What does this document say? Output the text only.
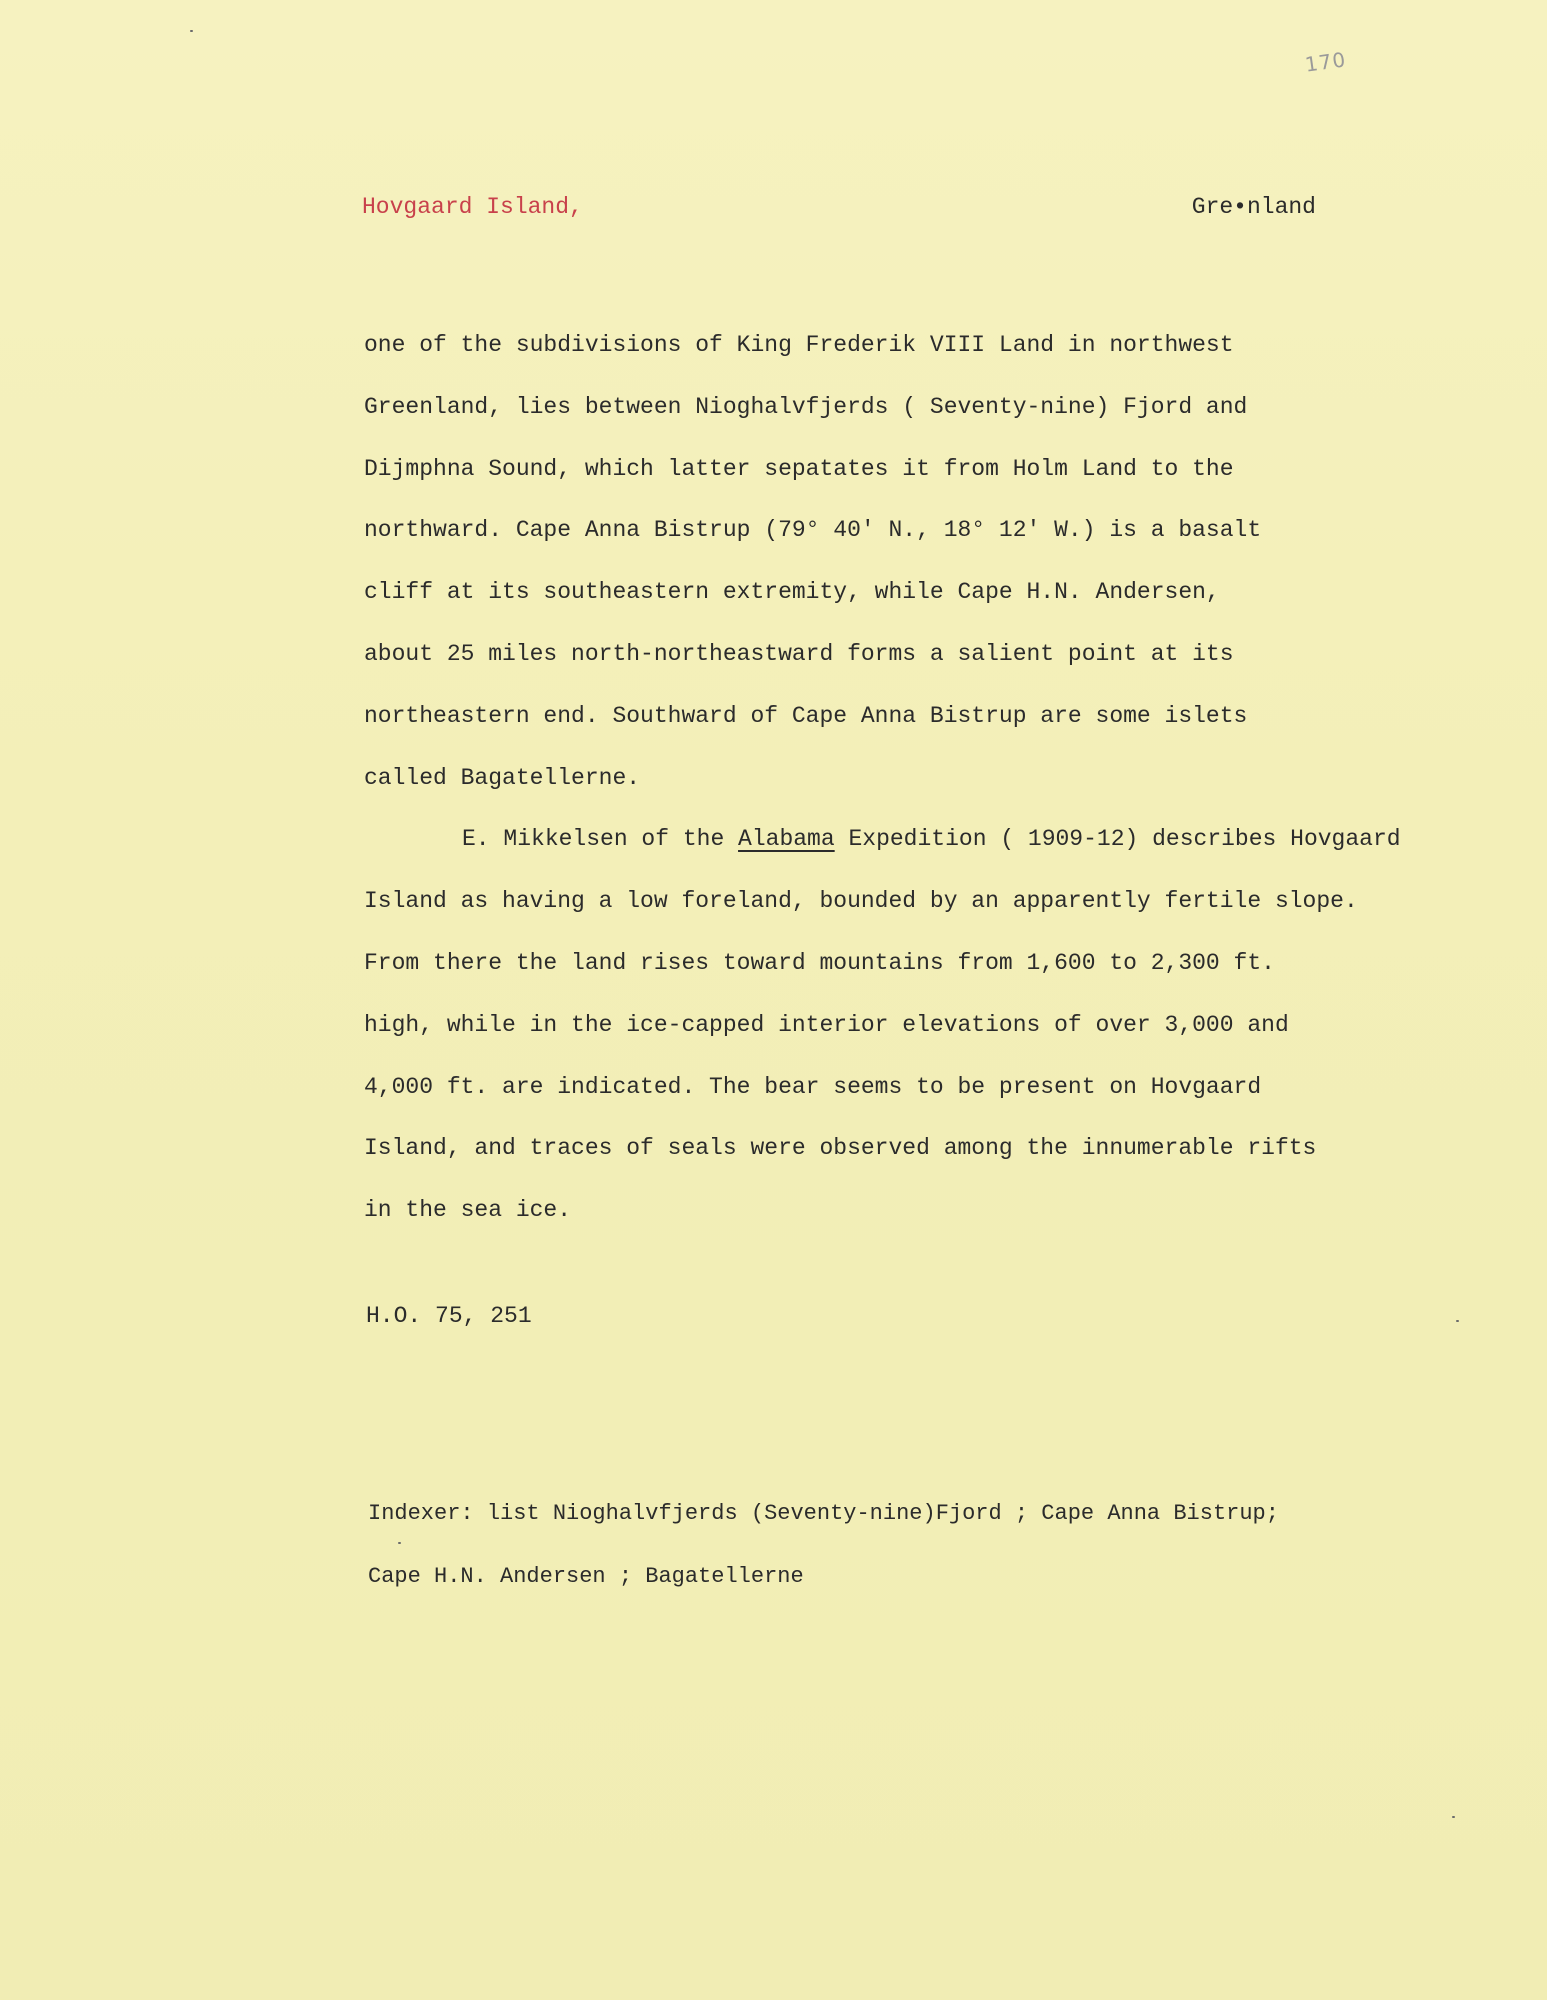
170
Hovgaard Island,	Gre•nland
one of the subdivisions of King Frederik VIII Land in northwest
Greenland, lies between Nioghalvfjerds ( Seventy-nine) Fjord and
Dijmphna Sound, which latter sepatates it from Holm Land to the
northward. Cape Anna Bistrup (79° 40' N., 18° 12' W.) is a basalt
cliff at its southeastern extremity, while Cape H.N. Andersen,
about 25 miles north-northeastward forms a salient point at its
northeastern end. Southward of Cape Anna Bistrup are some islets
called Bagatellerne.
E. Mikkelsen of the Alabama Expedition ( 1909-12) describes Hovgaard
Island as having a low foreland, bounded by an apparently fertile slope.
From there the land rises toward mountains from 1,600 to 2,300 ft.
high, while in the ice-capped interior elevations of over 3,000 and
4,000 ft. are indicated. The bear seems to be present on Hovgaard
Island, and traces of seals were observed among the innumerable rifts
in the sea ice.
H.O. 75, 251
Indexer: list Nioghalvfjerds (Seventy-nine)Fjord ; Cape Anna Bistrup;
Cape H.N. Andersen ; Bagatellerne
